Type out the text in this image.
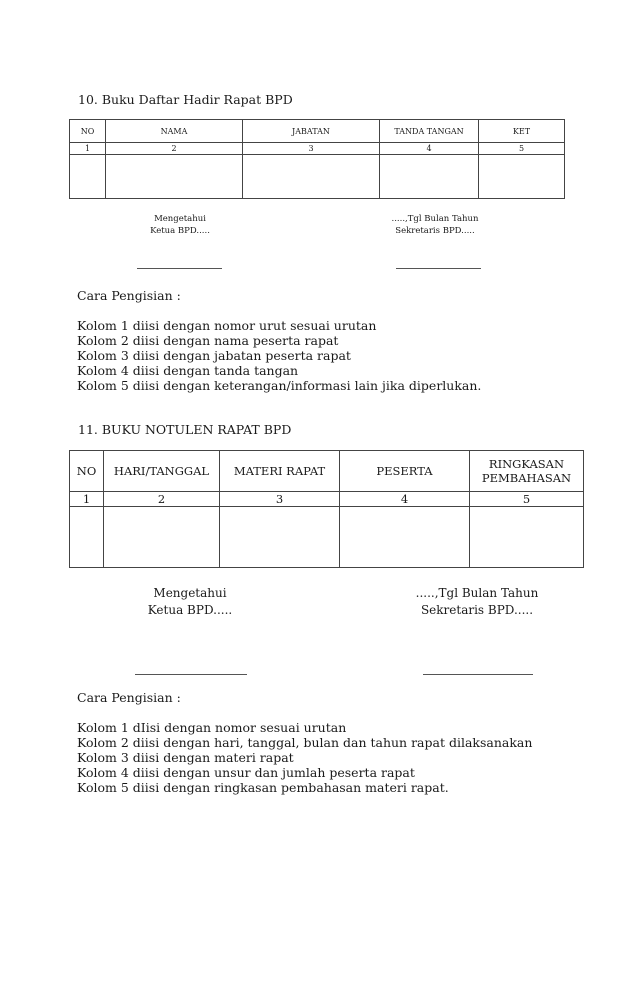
10. Buku Daftar Hadir Rapat BPD
NO	NAMA	JABATAN	TANDA TANGAN	KET
1	2	3	4	5

Mengetahui
Ketua BPD.....
.....,Tgl Bulan Tahun
Sekretaris BPD.....
Cara Pengisian :
Kolom 1 diisi dengan nomor urut sesuai urutan
Kolom 2 diisi dengan nama peserta rapat
Kolom 3 diisi dengan jabatan peserta rapat
Kolom 4 diisi dengan tanda tangan
Kolom 5 diisi dengan keterangan/informasi lain jika diperlukan.
11. BUKU NOTULEN RAPAT BPD
NO	HARI/TANGGAL	MATERI RAPAT	PESERTA	RINGKASAN
PEMBAHASAN

1	2	3	4	5

Mengetahui
Ketua BPD.....
.....,Tgl Bulan Tahun
Sekretaris BPD.....
Cara Pengisian :
Kolom 1 dIisi dengan nomor sesuai urutan
Kolom 2 diisi dengan hari, tanggal, bulan dan tahun rapat dilaksanakan
Kolom 3 diisi dengan materi rapat
Kolom 4 diisi dengan unsur dan jumlah peserta rapat
Kolom 5 diisi dengan ringkasan pembahasan materi rapat.
